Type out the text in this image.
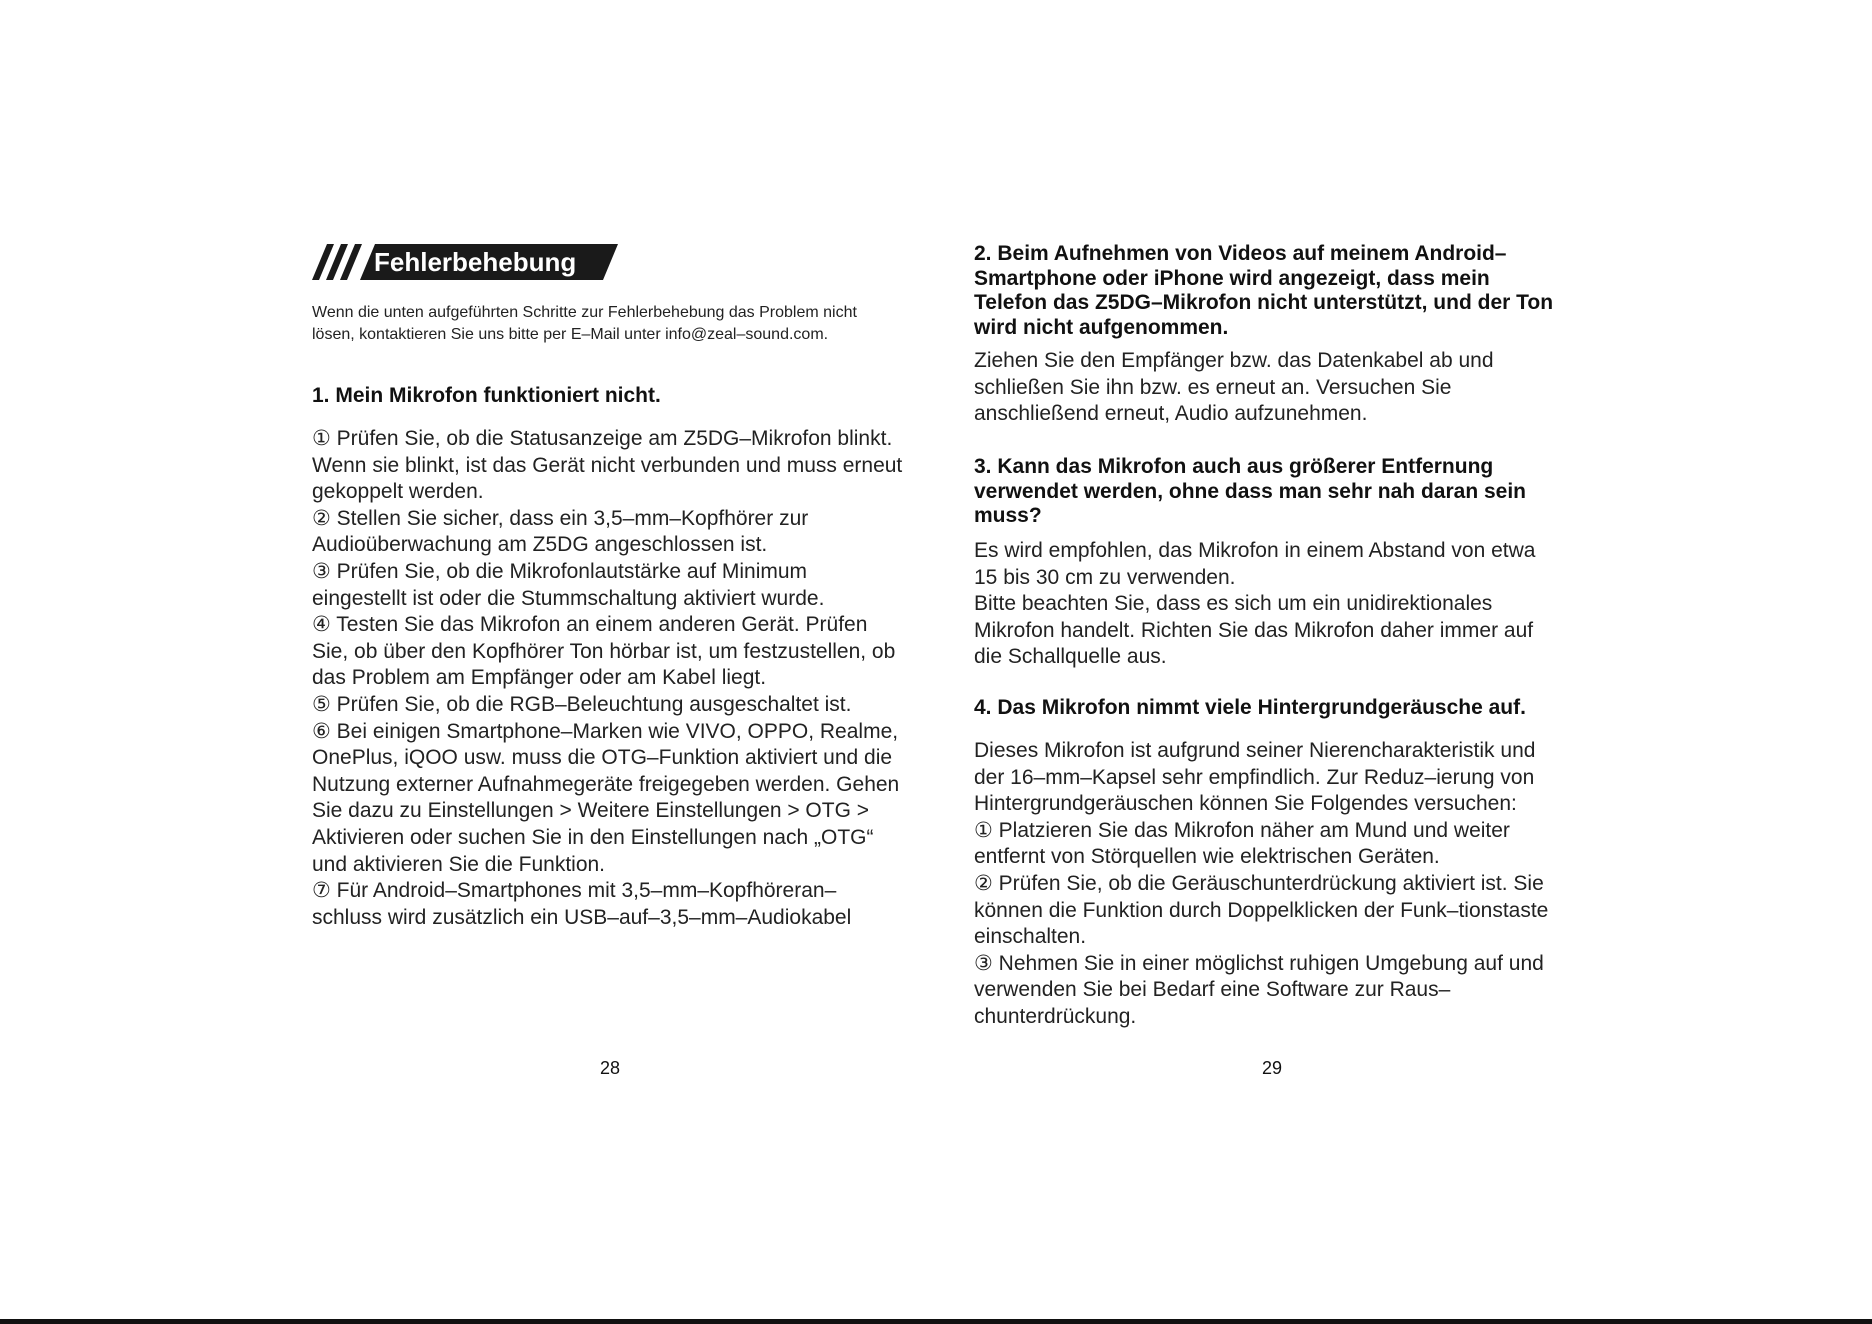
Fehlerbehebung
Wenn die unten aufgeführten Schritte zur Fehlerbehebung das Problem nicht lösen, kontaktieren Sie uns bitte per E–Mail unter info@zeal–sound.com.
1. Mein Mikrofon funktioniert nicht.

① Prüfen Sie, ob die Statusanzeige am Z5DG–Mikrofon blinkt. Wenn sie blinkt, ist das Gerät nicht verbunden und muss erneut gekoppelt werden.

② Stellen Sie sicher, dass ein 3,5–mm–Kopfhörer zur Audioüberwachung am Z5DG angeschlossen ist.

③ Prüfen Sie, ob die Mikrofonlautstärke auf Minimum eingestellt ist oder die Stummschaltung aktiviert wurde.

④ Testen Sie das Mikrofon an einem anderen Gerät. Prüfen Sie, ob über den Kopfhörer Ton hörbar ist, um festzustellen, ob das Problem am Empfänger oder am Kabel liegt.

⑤ Prüfen Sie, ob die RGB–Beleuchtung ausgeschaltet ist.

⑥ Bei einigen Smartphone–Marken wie VIVO, OPPO, Realme, OnePlus, iQOO usw. muss die OTG–Funktion aktiviert und die Nutzung externer Aufnahmegeräte freigegeben werden. Gehen Sie dazu zu Einstellungen > Weitere Einstellungen > OTG > Aktivieren oder suchen Sie in den Einstellungen nach „OTG“ und aktivieren Sie die Funktion.

⑦ Für Android–Smartphones mit 3,5–mm–Kopfhöreran–schluss wird zusätzlich ein USB–auf–3,5–mm–Audiokabel

28
2. Beim Aufnehmen von Videos auf meinem Android–Smartphone oder iPhone wird angezeigt, dass mein Telefon das Z5DG–Mikrofon nicht unterstützt, und der Ton wird nicht aufgenommen.

Ziehen Sie den Empfänger bzw. das Datenkabel ab und schließen Sie ihn bzw. es erneut an. Versuchen Sie anschließend erneut, Audio aufzunehmen.

3. Kann das Mikrofon auch aus größerer Entfernung verwendet werden, ohne dass man sehr nah daran sein muss?

Es wird empfohlen, das Mikrofon in einem Abstand von etwa 15 bis 30 cm zu verwenden.

Bitte beachten Sie, dass es sich um ein unidirektionales Mikrofon handelt. Richten Sie das Mikrofon daher immer auf die Schallquelle aus.

4. Das Mikrofon nimmt viele Hintergrundgeräusche auf.

Dieses Mikrofon ist aufgrund seiner Nierencharakteristik und der 16–mm–Kapsel sehr empfindlich. Zur Reduz–ierung von Hintergrundgeräuschen können Sie Folgendes versuchen:

① Platzieren Sie das Mikrofon näher am Mund und weiter entfernt von Störquellen wie elektrischen Geräten.

② Prüfen Sie, ob die Geräuschunterdrückung aktiviert ist. Sie können die Funktion durch Doppelklicken der Funk–tionstaste einschalten.

③ Nehmen Sie in einer möglichst ruhigen Umgebung auf und verwenden Sie bei Bedarf eine Software zur Raus–chunterdrückung.

29
